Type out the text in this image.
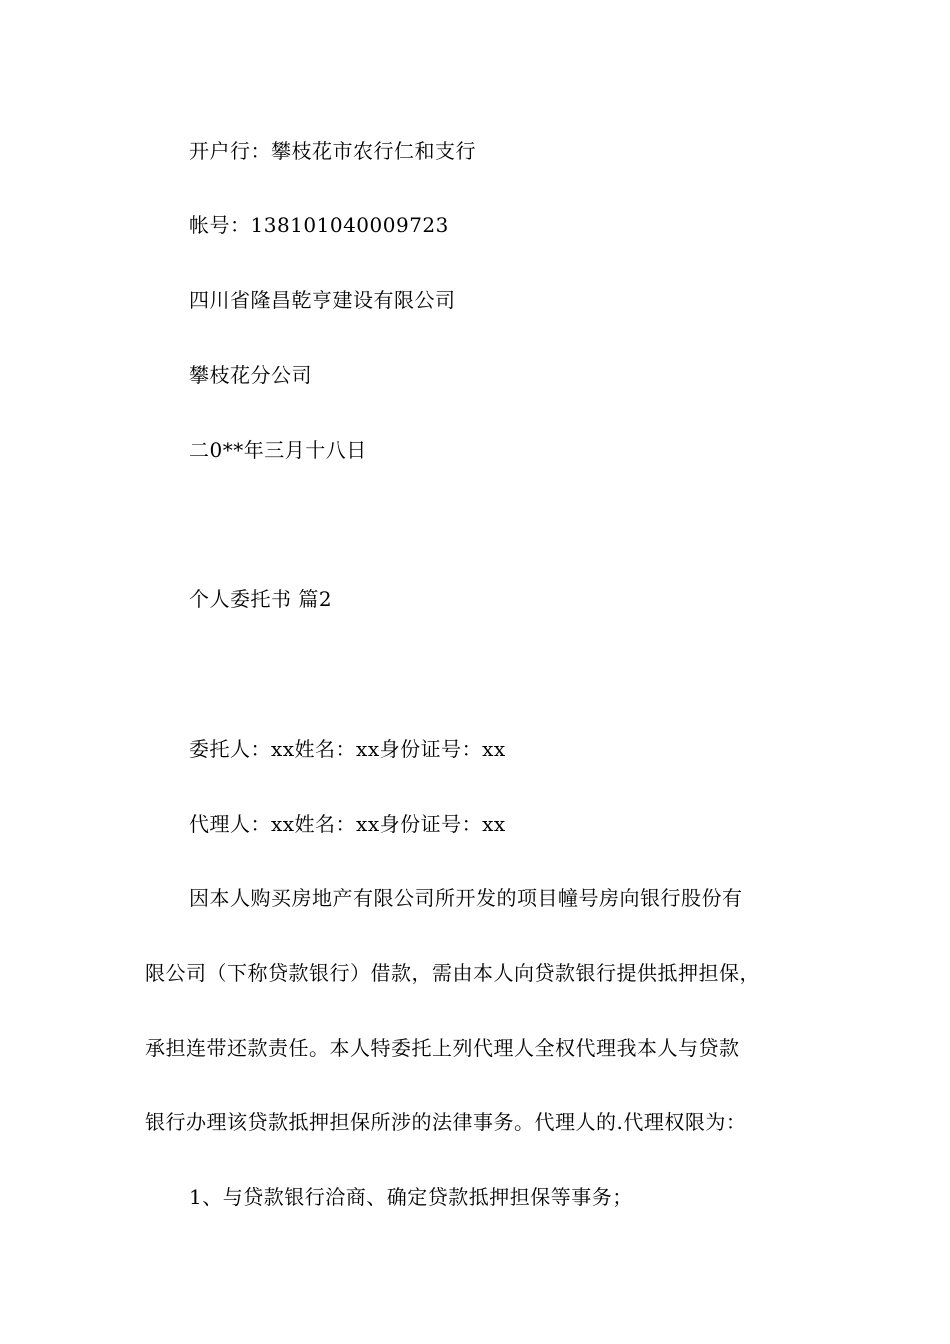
开户行：攀枝花市农行仁和支行
帐号：138101040009723
四川省隆昌乾亨建设有限公司
攀枝花分公司
二0**年三月十八日
个人委托书 篇2
委托人：xx姓名：xx身份证号：xx
代理人：xx姓名：xx身份证号：xx
因本人购买房地产有限公司所开发的项目幢号房向银行股份有
限公司（下称贷款银行）借款，需由本人向贷款银行提供抵押担保，
承担连带还款责任。本人特委托上列代理人全权代理我本人与贷款
银行办理该贷款抵押担保所涉的法律事务。代理人的.代理权限为：
1、与贷款银行洽商、确定贷款抵押担保等事务；
